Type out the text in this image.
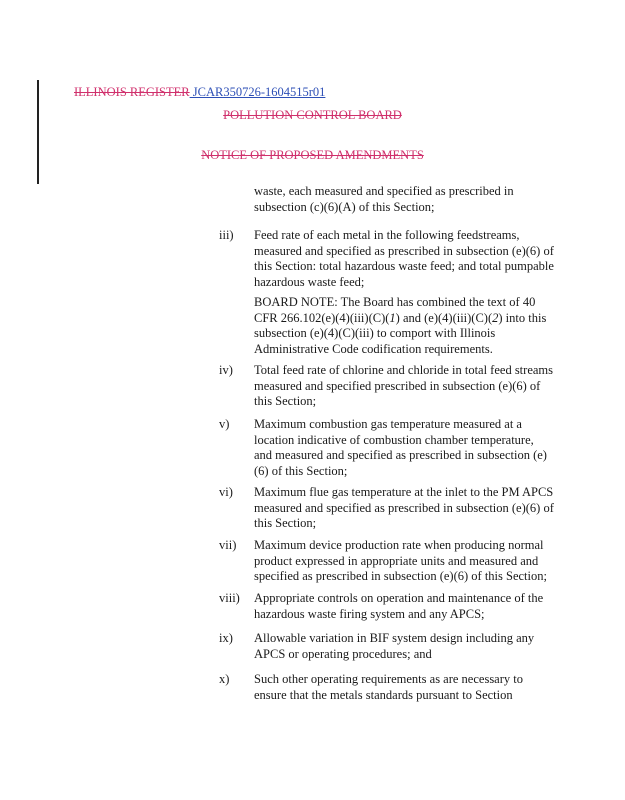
ILLINOIS REGISTER JCAR350726-1604515r01
POLLUTION CONTROL BOARD
NOTICE OF PROPOSED AMENDMENTS
waste, each measured and specified as prescribed in subsection (c)(6)(A) of this Section;
iii) Feed rate of each metal in the following feedstreams, measured and specified as prescribed in subsection (e)(6) of this Section: total hazardous waste feed; and total pumpable hazardous waste feed;
BOARD NOTE: The Board has combined the text of 40 CFR 266.102(e)(4)(iii)(C)(1) and (e)(4)(iii)(C)(2) into this subsection (e)(4)(C)(iii) to comport with Illinois Administrative Code codification requirements.
iv) Total feed rate of chlorine and chloride in total feed streams measured and specified prescribed in subsection (e)(6) of this Section;
v) Maximum combustion gas temperature measured at a location indicative of combustion chamber temperature, and measured and specified as prescribed in subsection (e)(6) of this Section;
vi) Maximum flue gas temperature at the inlet to the PM APCS measured and specified as prescribed in subsection (e)(6) of this Section;
vii) Maximum device production rate when producing normal product expressed in appropriate units and measured and specified as prescribed in subsection (e)(6) of this Section;
viii) Appropriate controls on operation and maintenance of the hazardous waste firing system and any APCS;
ix) Allowable variation in BIF system design including any APCS or operating procedures; and
x) Such other operating requirements as are necessary to ensure that the metals standards pursuant to Section
